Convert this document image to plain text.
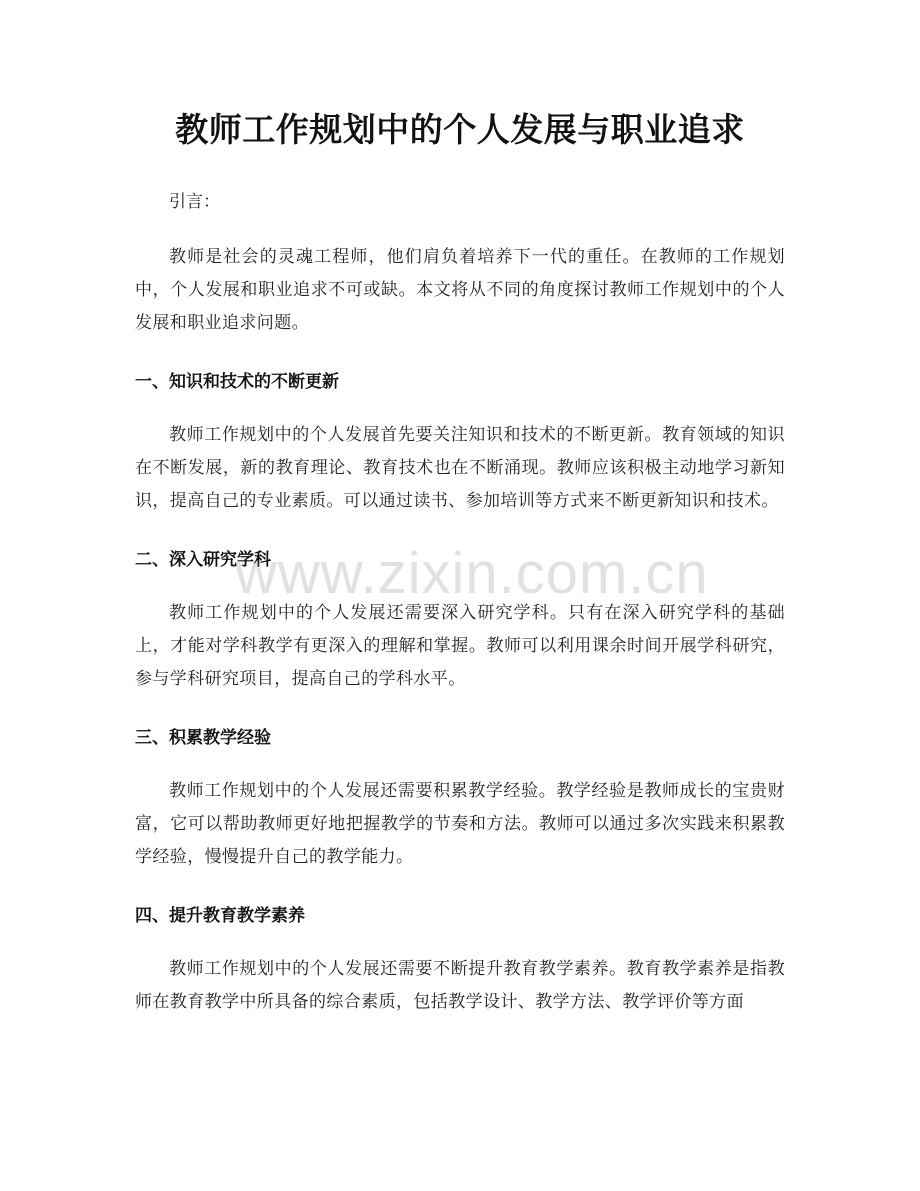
教师工作规划中的个人发展与职业追求

引言：

教师是社会的灵魂工程师，他们肩负着培养下一代的重任。在教师的工作规划中，个人发展和职业追求不可或缺。本文将从不同的角度探讨教师工作规划中的个人发展和职业追求问题。

一、知识和技术的不断更新

教师工作规划中的个人发展首先要关注知识和技术的不断更新。教育领域的知识在不断发展，新的教育理论、教育技术也在不断涌现。教师应该积极主动地学习新知识，提高自己的专业素质。可以通过读书、参加培训等方式来不断更新知识和技术。

二、深入研究学科

教师工作规划中的个人发展还需要深入研究学科。只有在深入研究学科的基础上，才能对学科教学有更深入的理解和掌握。教师可以利用课余时间开展学科研究，参与学科研究项目，提高自己的学科水平。

三、积累教学经验

教师工作规划中的个人发展还需要积累教学经验。教学经验是教师成长的宝贵财富，它可以帮助教师更好地把握教学的节奏和方法。教师可以通过多次实践来积累教学经验，慢慢提升自己的教学能力。

四、提升教育教学素养

教师工作规划中的个人发展还需要不断提升教育教学素养。教育教学素养是指教师在教育教学中所具备的综合素质，包括教学设计、教学方法、教学评价等方面

www.zixin.com.cn
